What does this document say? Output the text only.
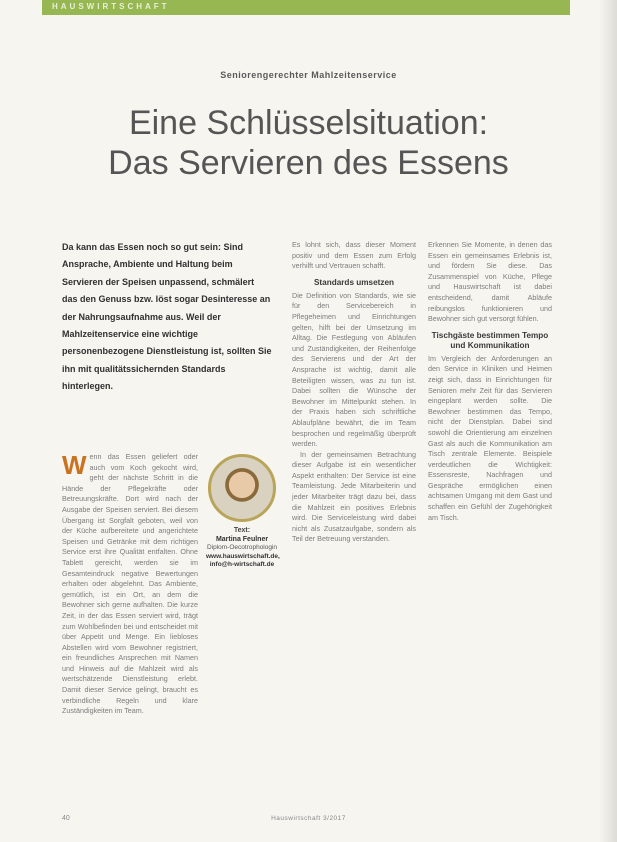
HAUSWIRTSCHAFT
Seniorengerechter Mahlzeitenservice
Eine Schlüsselsituation:
Das Servieren des Essens

Da kann das Essen noch so gut sein: Sind Ansprache, Ambiente und Haltung beim Servieren der Speisen unpassend, schmälert das den Genuss bzw. löst sogar Desinteresse an der Nahrungsaufnahme aus. Weil der Mahlzeitenservice eine wichtige personenbezogene Dienstleistung ist, sollten Sie ihn mit qualitätssichernden Standards hinterlegen.

W enn das Essen geliefert oder auch vom Koch gekocht wird, geht der nächste Schritt in die Hände der Pflegekräfte oder Betreuungskräfte. Dort wird nach der Ausgabe der Speisen serviert. Bei diesem Übergang ist Sorgfalt geboten, weil von der Küche aufbereitete und angerichtete Speisen und Getränke mit dem richtigen Service erst ihre Qualität entfalten. Ohne Tablett gereicht, werden sie im Gesamteindruck negative Bewertungen erhalten oder abgelehnt. Das Ambiente, gemütlich, ist ein Ort, an dem die Bewohner sich gerne aufhalten. Die kurze Zeit, in der das Essen serviert wird, trägt zum Wohlbefinden bei und entscheidet mit über Appetit und Menge. Ein liebloses Abstellen wird vom Bewohner registriert, ein freundliches Ansprechen mit Namen und Hinweis auf die Mahlzeit wird als wertschätzende Dienstleistung erlebt. Damit dieser Service gelingt, braucht es verbindliche Regeln und klare Zuständigkeiten im Team.

Text:
Martina Feulner
Diplom-Oecotrophologin
www.hauswirtschaft.de, info@h-wirtschaft.de

Es lohnt sich, dass dieser Moment positiv und dem Essen zum Erfolg verhilft und Vertrauen schafft.

Standards umsetzen

Die Definition von Standards, wie sie für den Servicebereich in Pflegeheimen und Einrichtungen gelten, hilft bei der Umsetzung im Alltag. Die Festlegung von Abläufen und Zuständigkeiten, der Reihenfolge des Servierens und der Art der Ansprache ist wichtig, damit alle Beteiligten wissen, was zu tun ist. Dabei sollten die Wünsche der Bewohner im Mittelpunkt stehen. In der Praxis haben sich schriftliche Ablaufpläne bewährt, die im Team besprochen und regelmäßig überprüft werden.

In der gemeinsamen Betrachtung dieser Aufgabe ist ein wesentlicher Aspekt enthalten: Der Service ist eine Teamleistung. Jede Mitarbeiterin und jeder Mitarbeiter trägt dazu bei, dass die Mahlzeit ein positives Erlebnis wird. Die Serviceleistung wird dabei nicht als Zusatzaufgabe, sondern als Teil der Betreuung verstanden.

Erkennen Sie Momente, in denen das Essen ein gemeinsames Erlebnis ist, und fördern Sie diese. Das Zusammenspiel von Küche, Pflege und Hauswirtschaft ist dabei entscheidend, damit Abläufe reibungslos funktionieren und Bewohner sich gut versorgt fühlen.

Tischgäste bestimmen Tempo und Kommunikation

Im Vergleich der Anforderungen an den Service in Kliniken und Heimen zeigt sich, dass in Einrichtungen für Senioren mehr Zeit für das Servieren eingeplant werden sollte. Die Bewohner bestimmen das Tempo, nicht der Dienstplan. Dabei sind sowohl die Orientierung am einzelnen Gast als auch die Kommunikation am Tisch zentrale Elemente. Beispiele verdeutlichen die Wichtigkeit: Essensreste, Nachfragen und Gespräche ermöglichen einen achtsamen Umgang mit dem Gast und schaffen ein Gefühl der Zugehörigkeit am Tisch.

40	Hauswirtschaft 3/2017
